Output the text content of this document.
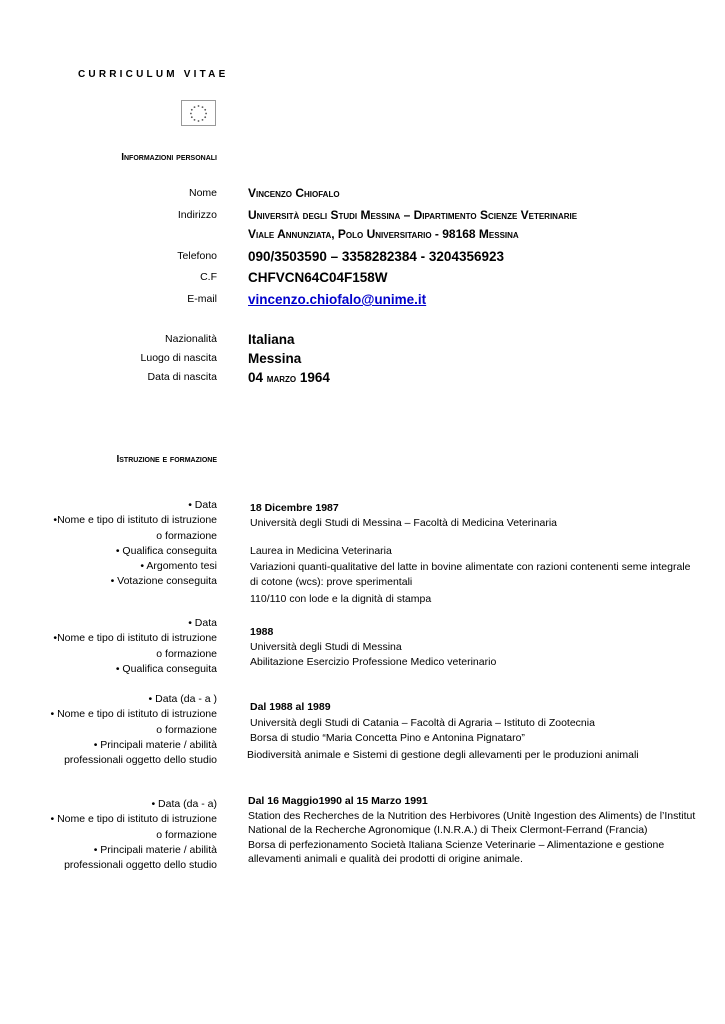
CURRICULUM VITAE
Informazioni personali
Nome	Vincenzo Chiofalo
Indirizzo	Università degli Studi Messina – Dipartimento Scienze Veterinarie
Viale Annunziata, Polo Universitario - 98168 Messina
Telefono 090/3503590 – 3358282384 - 3204356923
C.F CHFVCN64C04F158W
E-mail vincenzo.chiofalo@unime.it
Nazionalità Italiana
Luogo di nascita Messina
Data di nascita 04 marzo 1964
Istruzione e formazione
• Data
•Nome e tipo di istituto di istruzione
o formazione
• Qualifica conseguita
• Argomento tesi
• Votazione conseguita
18 Dicembre 1987
Università degli Studi di Messina – Facoltà di Medicina Veterinaria
Laurea in Medicina Veterinaria
Variazioni quanti-qualitative del latte in bovine alimentate con razioni contenenti seme integrale
di cotone (wcs): prove sperimentali
110/110 con lode e la dignità di stampa
• Data
•Nome e tipo di istituto di istruzione
o formazione
• Qualifica conseguita
1988
Università degli Studi di Messina
Abilitazione Esercizio Professione Medico veterinario
• Data (da - a )
• Nome e tipo di istituto di istruzione
o formazione
• Principali materie / abilità
professionali oggetto dello studio
Dal 1988 al 1989
Università degli Studi di Catania – Facoltà di Agraria – Istituto di Zootecnia
Borsa di studio “Maria Concetta Pino e Antonina Pignataro”
Biodiversità animale e Sistemi di gestione degli allevamenti per le produzioni animali
• Data (da - a)
• Nome e tipo di istituto di istruzione
o formazione
• Principali materie / abilità
professionali oggetto dello studio
Dal 16 Maggio1990 al 15 Marzo 1991
Station des Recherches de la Nutrition des Herbivores (Unitè Ingestion des Aliments) de l’Institut
National de la Recherche Agronomique (I.N.R.A.) di Theix Clermont-Ferrand (Francia)
Borsa di perfezionamento Società Italiana Scienze Veterinarie – Alimentazione e gestione
allevamenti animali e qualità dei prodotti di origine animale.
